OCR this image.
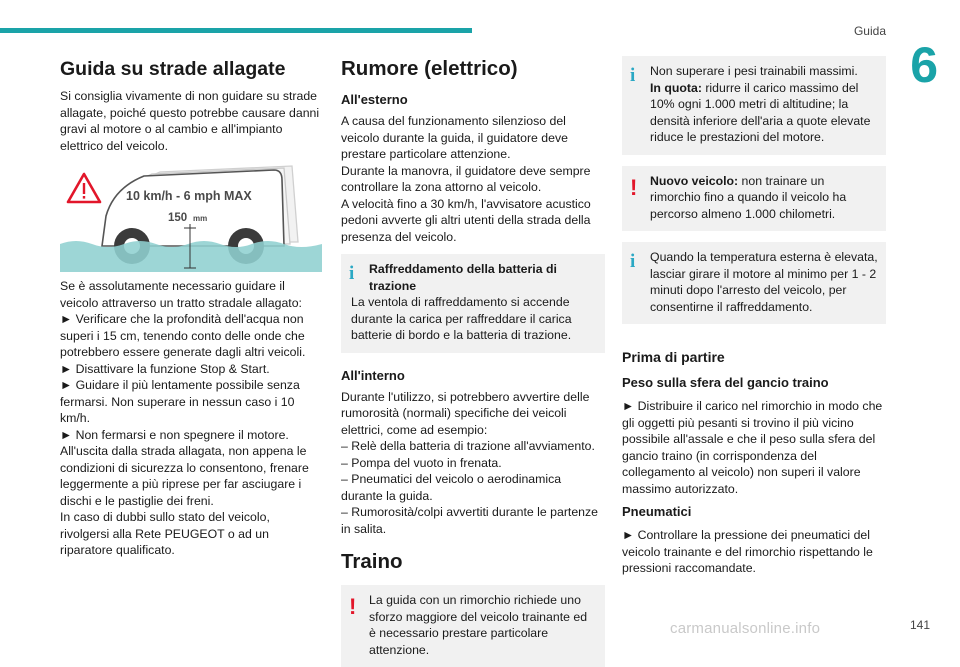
Guida
6
Guida su strade allagate

Si consiglia vivamente di non guidare su strade allagate, poiché questo potrebbe causare danni gravi al motore o al cambio e all'impianto elettrico del veicolo.

10 km/h - 6 mph MAX
150 mm

Se è assolutamente necessario guidare il veicolo attraverso un tratto stradale allagato:

► Verificare che la profondità dell'acqua non superi i 15 cm, tenendo conto delle onde che potrebbero essere generate dagli altri veicoli.

► Disattivare la funzione Stop & Start.

► Guidare il più lentamente possibile senza fermarsi. Non superare in nessun caso i 10 km/h.

► Non fermarsi e non spegnere il motore.

All'uscita dalla strada allagata, non appena le condizioni di sicurezza lo consentono, frenare leggermente a più riprese per far asciugare i dischi e le pastiglie dei freni.

In caso di dubbi sullo stato del veicolo, rivolgersi alla Rete PEUGEOT o ad un riparatore qualificato.

Rumore (elettrico)
All'esterno

A causa del funzionamento silenzioso del veicolo durante la guida, il guidatore deve prestare particolare attenzione.

Durante la manovra, il guidatore deve sempre controllare la zona attorno al veicolo.

A velocità fino a 30 km/h, l'avvisatore acustico pedoni avverte gli altri utenti della strada della presenza del veicolo.

i	Raffreddamento della batteria di trazione

La ventola di raffreddamento si accende durante la carica per raffreddare il carica batterie di bordo e la batteria di trazione.

All'interno

Durante l'utilizzo, si potrebbero avvertire delle rumorosità (normali) specifiche dei veicoli elettrici, come ad esempio:

– Relè della batteria di trazione all'avviamento.

– Pompa del vuoto in frenata.

– Pneumatici del veicolo o aerodinamica durante la guida.

– Rumorosità/colpi avvertiti durante le partenze in salita.

Traino
!	La guida con un rimorchio richiede uno sforzo maggiore del veicolo trainante ed è necessario prestare particolare attenzione.

i	Non superare i pesi trainabili massimi.

In quota: ridurre il carico massimo del 10% ogni 1.000 metri di altitudine; la densità inferiore dell'aria a quote elevate riduce le prestazioni del motore.

!	Nuovo veicolo: non trainare un rimorchio fino a quando il veicolo ha percorso almeno 1.000 chilometri.

i	Quando la temperatura esterna è elevata, lasciar girare il motore al minimo per 1 - 2 minuti dopo l'arresto del veicolo, per consentirne il raffreddamento.

Prima di partire
Peso sulla sfera del gancio traino

► Distribuire il carico nel rimorchio in modo che gli oggetti più pesanti si trovino il più vicino possibile all'assale e che il peso sulla sfera del gancio traino (in corrispondenza del collegamento al veicolo) non superi il valore massimo autorizzato.

Pneumatici

► Controllare la pressione dei pneumatici del veicolo trainante e del rimorchio rispettando le pressioni raccomandate.

carmanualsonline.info	141
